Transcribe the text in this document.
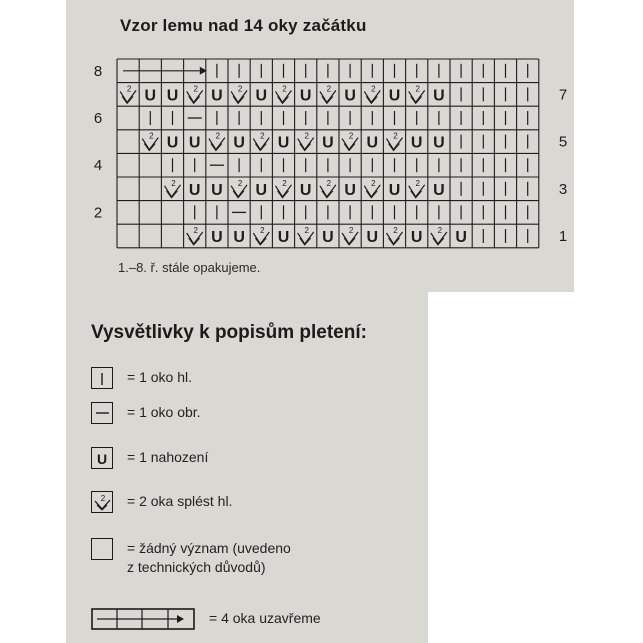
Vzor lemu nad 14 oky začátku
2 U U 2 U 2 U 2 U 2 U 2 U 2 U
2 U U 2 U 2 U 2 U 2 U 2 U U
2 U U 2 U 2 U 2 U 2 U 2 U
2 U U 2 U 2 U 2 U 2 U 2 U
8
6
4
2
7
5
3
1
1.–8. ř. stále opakujeme.
Vysvětlivky k popisům pletení:
= 1 oko hl.
= 1 oko obr.
U = 1 nahození
2 = 2 oka splést hl.
= žádný význam (uvedeno
z technických důvodů)
= 4 oka uzavřeme
